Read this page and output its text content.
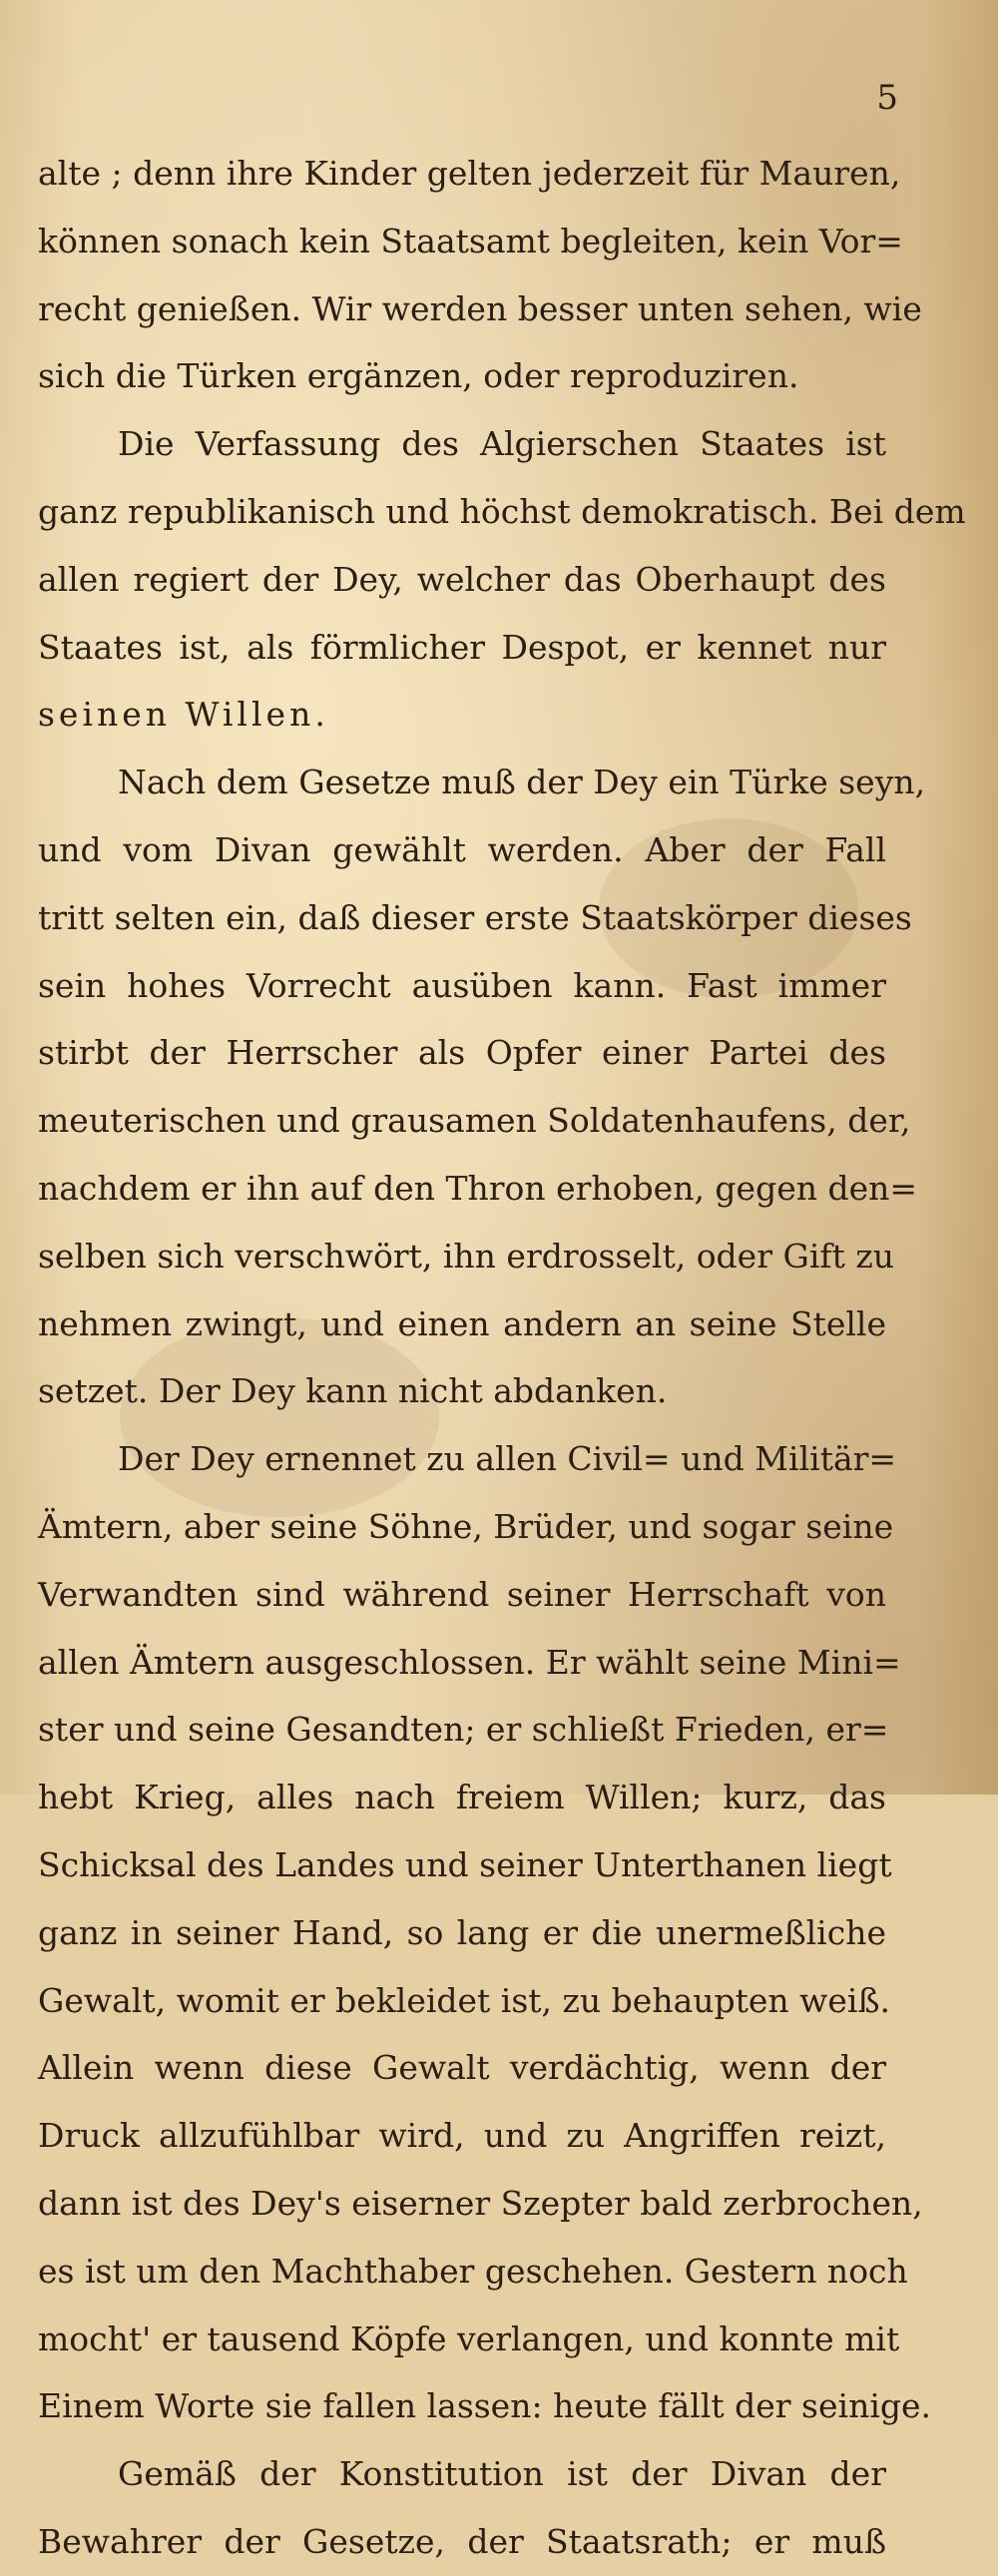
5
alte ; denn ihre Kinder gelten jederzeit für Mauren,
können sonach kein Staatsamt begleiten, kein Vor=
recht genießen. Wir werden besser unten sehen, wie
sich die Türken ergänzen, oder reproduziren.
Die Verfassung des Algierschen Staates ist
ganz republikanisch und höchst demokratisch. Bei dem
allen regiert der Dey, welcher das Oberhaupt des
Staates ist, als förmlicher Despot, er kennet nur
seinen Willen.
Nach dem Gesetze muß der Dey ein Türke seyn,
und vom Divan gewählt werden. Aber der Fall
tritt selten ein, daß dieser erste Staatskörper dieses
sein hohes Vorrecht ausüben kann. Fast immer
stirbt der Herrscher als Opfer einer Partei des
meuterischen und grausamen Soldatenhaufens, der,
nachdem er ihn auf den Thron erhoben, gegen den=
selben sich verschwört, ihn erdrosselt, oder Gift zu
nehmen zwingt, und einen andern an seine Stelle
setzet. Der Dey kann nicht abdanken.
Der Dey ernennet zu allen Civil= und Militär=
Ämtern, aber seine Söhne, Brüder, und sogar seine
Verwandten sind während seiner Herrschaft von
allen Ämtern ausgeschlossen. Er wählt seine Mini=
ster und seine Gesandten; er schließt Frieden, er=
hebt Krieg, alles nach freiem Willen; kurz, das
Schicksal des Landes und seiner Unterthanen liegt
ganz in seiner Hand, so lang er die unermeßliche
Gewalt, womit er bekleidet ist, zu behaupten weiß.
Allein wenn diese Gewalt verdächtig, wenn der
Druck allzufühlbar wird, und zu Angriffen reizt,
dann ist des Dey's eiserner Szepter bald zerbrochen,
es ist um den Machthaber geschehen. Gestern noch
mocht' er tausend Köpfe verlangen, und konnte mit
Einem Worte sie fallen lassen: heute fällt der seinige.
Gemäß der Konstitution ist der Divan der
Bewahrer der Gesetze, der Staatsrath; er muß
